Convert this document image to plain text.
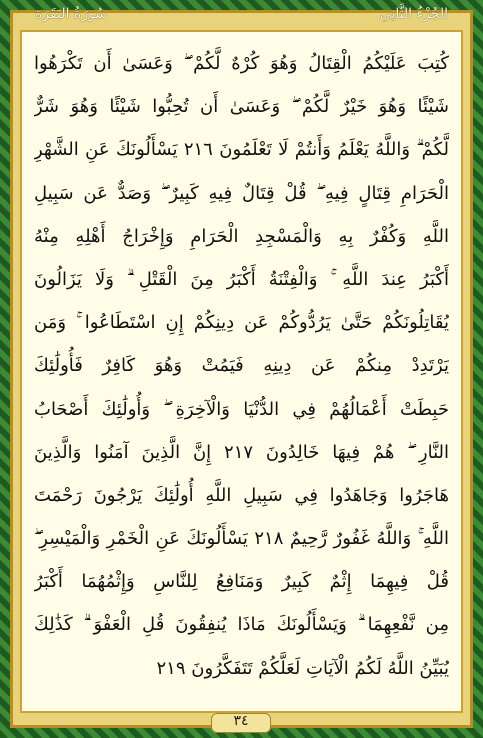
سُورَةُ البَقَرَة	الجُزْءُ الثَّانِي
كُتِبَ عَلَيْكُمُ الْقِتَالُ وَهُوَ كُرْهٌ لَّكُمْ ۖ وَعَسَىٰ أَن تَكْرَهُوا
شَيْئًا وَهُوَ خَيْرٌ لَّكُمْ ۖ وَعَسَىٰ أَن تُحِبُّوا شَيْئًا وَهُوَ شَرٌّ
لَّكُمْ ۗ وَاللَّهُ يَعْلَمُ وَأَنتُمْ لَا تَعْلَمُونَ ٢١٦ يَسْأَلُونَكَ عَنِ الشَّهْرِ
الْحَرَامِ قِتَالٍ فِيهِ ۖ قُلْ قِتَالٌ فِيهِ كَبِيرٌ ۖ وَصَدٌّ عَن سَبِيلِ
اللَّهِ وَكُفْرٌ بِهِ وَالْمَسْجِدِ الْحَرَامِ وَإِخْرَاجُ أَهْلِهِ مِنْهُ
أَكْبَرُ عِندَ اللَّهِ ۚ وَالْفِتْنَةُ أَكْبَرُ مِنَ الْقَتْلِ ۗ وَلَا يَزَالُونَ
يُقَاتِلُونَكُمْ حَتَّىٰ يَرُدُّوكُمْ عَن دِينِكُمْ إِنِ اسْتَطَاعُوا ۚ وَمَن
يَرْتَدِدْ مِنكُمْ عَن دِينِهِ فَيَمُتْ وَهُوَ كَافِرٌ فَأُولَٰئِكَ
حَبِطَتْ أَعْمَالُهُمْ فِي الدُّنْيَا وَالْآخِرَةِ ۖ وَأُولَٰئِكَ أَصْحَابُ
النَّارِ ۖ هُمْ فِيهَا خَالِدُونَ ٢١٧ إِنَّ الَّذِينَ آمَنُوا وَالَّذِينَ
هَاجَرُوا وَجَاهَدُوا فِي سَبِيلِ اللَّهِ أُولَٰئِكَ يَرْجُونَ رَحْمَتَ
اللَّهِ ۚ وَاللَّهُ غَفُورٌ رَّحِيمٌ ٢١٨ يَسْأَلُونَكَ عَنِ الْخَمْرِ وَالْمَيْسِرِ ۖ
قُلْ فِيهِمَا إِثْمٌ كَبِيرٌ وَمَنَافِعُ لِلنَّاسِ وَإِثْمُهُمَا أَكْبَرُ
مِن نَّفْعِهِمَا ۗ وَيَسْأَلُونَكَ مَاذَا يُنفِقُونَ قُلِ الْعَفْوَ ۗ كَذَٰلِكَ
يُبَيِّنُ اللَّهُ لَكُمُ الْآيَاتِ لَعَلَّكُمْ تَتَفَكَّرُونَ ٢١٩
٣٤
